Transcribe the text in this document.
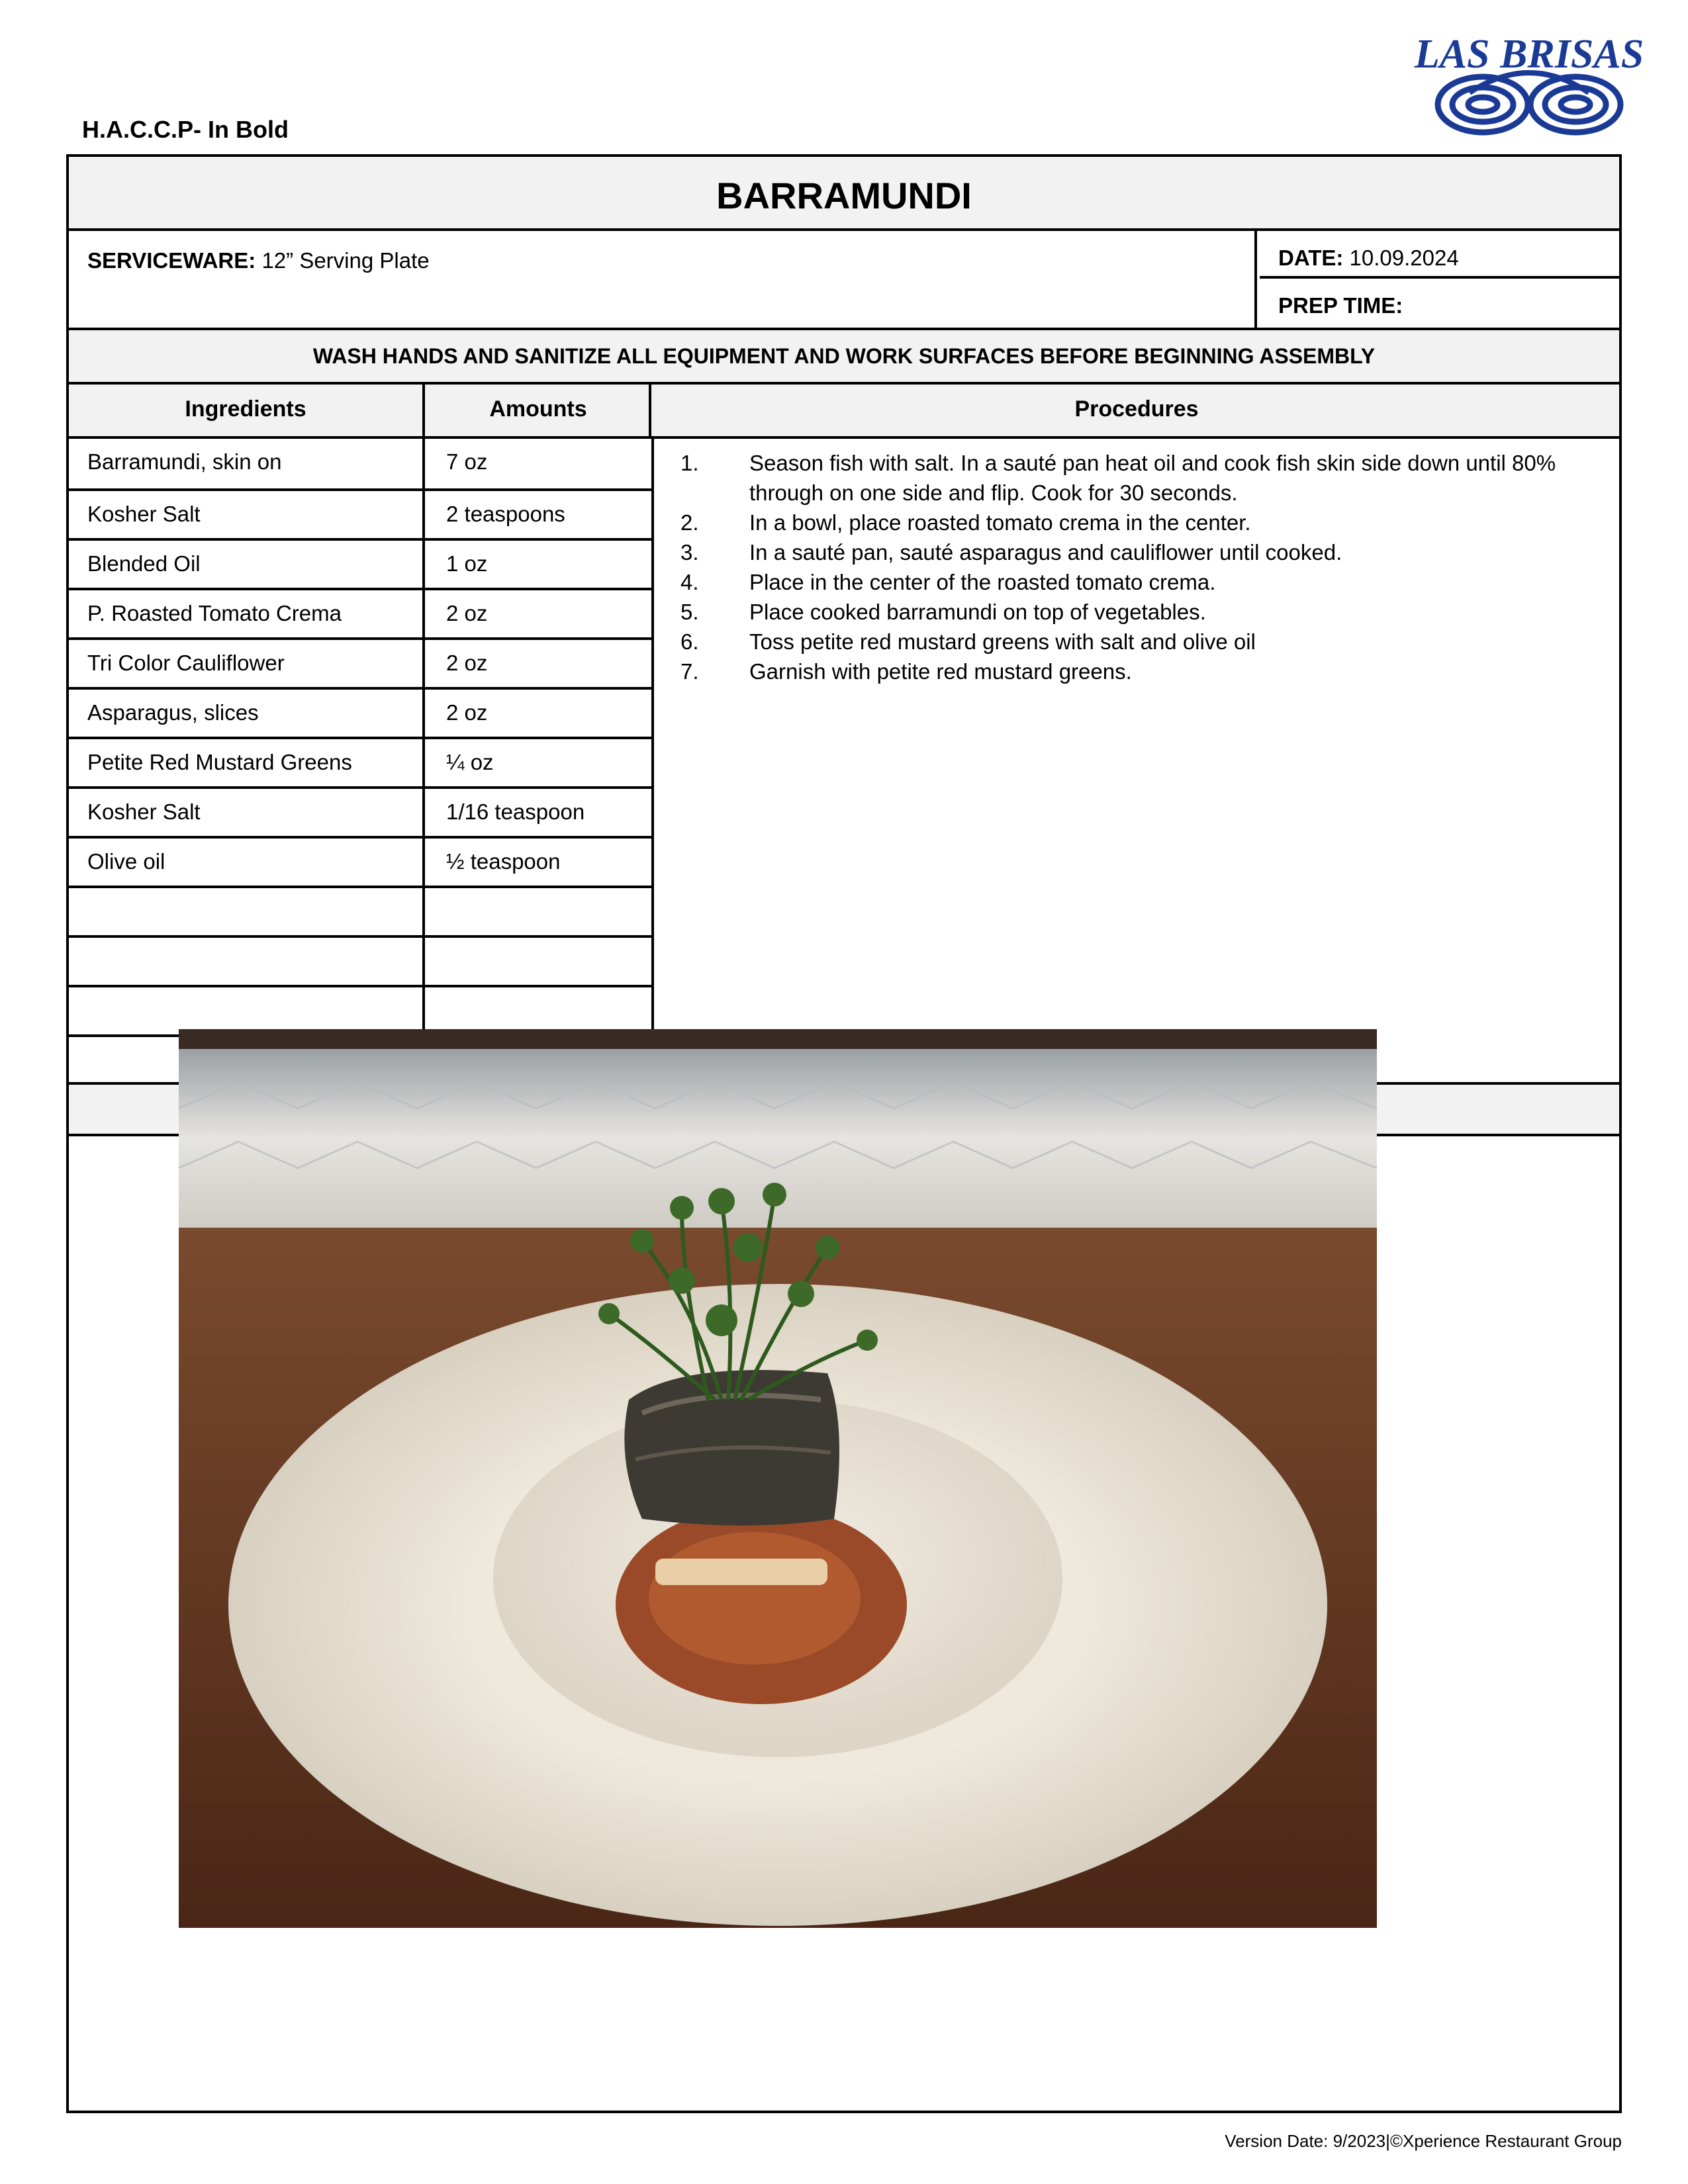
H.A.C.C.P- In Bold
LAS BRISAS
BARRAMUNDI
SERVICEWARE: 12” Serving Plate	DATE: 10.09.2024
PREP TIME:
WASH HANDS AND SANITIZE ALL EQUIPMENT AND WORK SURFACES BEFORE BEGINNING ASSEMBLY
Ingredients	Amounts	Procedures
Barramundi, skin on	7 oz
Kosher Salt	2 teaspoons
Blended Oil	1 oz
P. Roasted Tomato Crema	2 oz
Tri Color Cauliflower	2 oz
Asparagus, slices	2 oz
Petite Red Mustard Greens	¼ oz
Kosher Salt	1/16 teaspoon
Olive oil	½ teaspoon
1. Season fish with salt. In a sauté pan heat oil and cook fish skin side down until 80% through on one side and flip. Cook for 30 seconds.
2. In a bowl, place roasted tomato crema in the center.
3. In a sauté pan, sauté asparagus and cauliflower until cooked.
4. Place in the center of the roasted tomato crema.
5. Place cooked barramundi on top of vegetables.
6. Toss petite red mustard greens with salt and olive oil
7. Garnish with petite red mustard greens.
Version Date: 9/2023|©Xperience Restaurant Group
